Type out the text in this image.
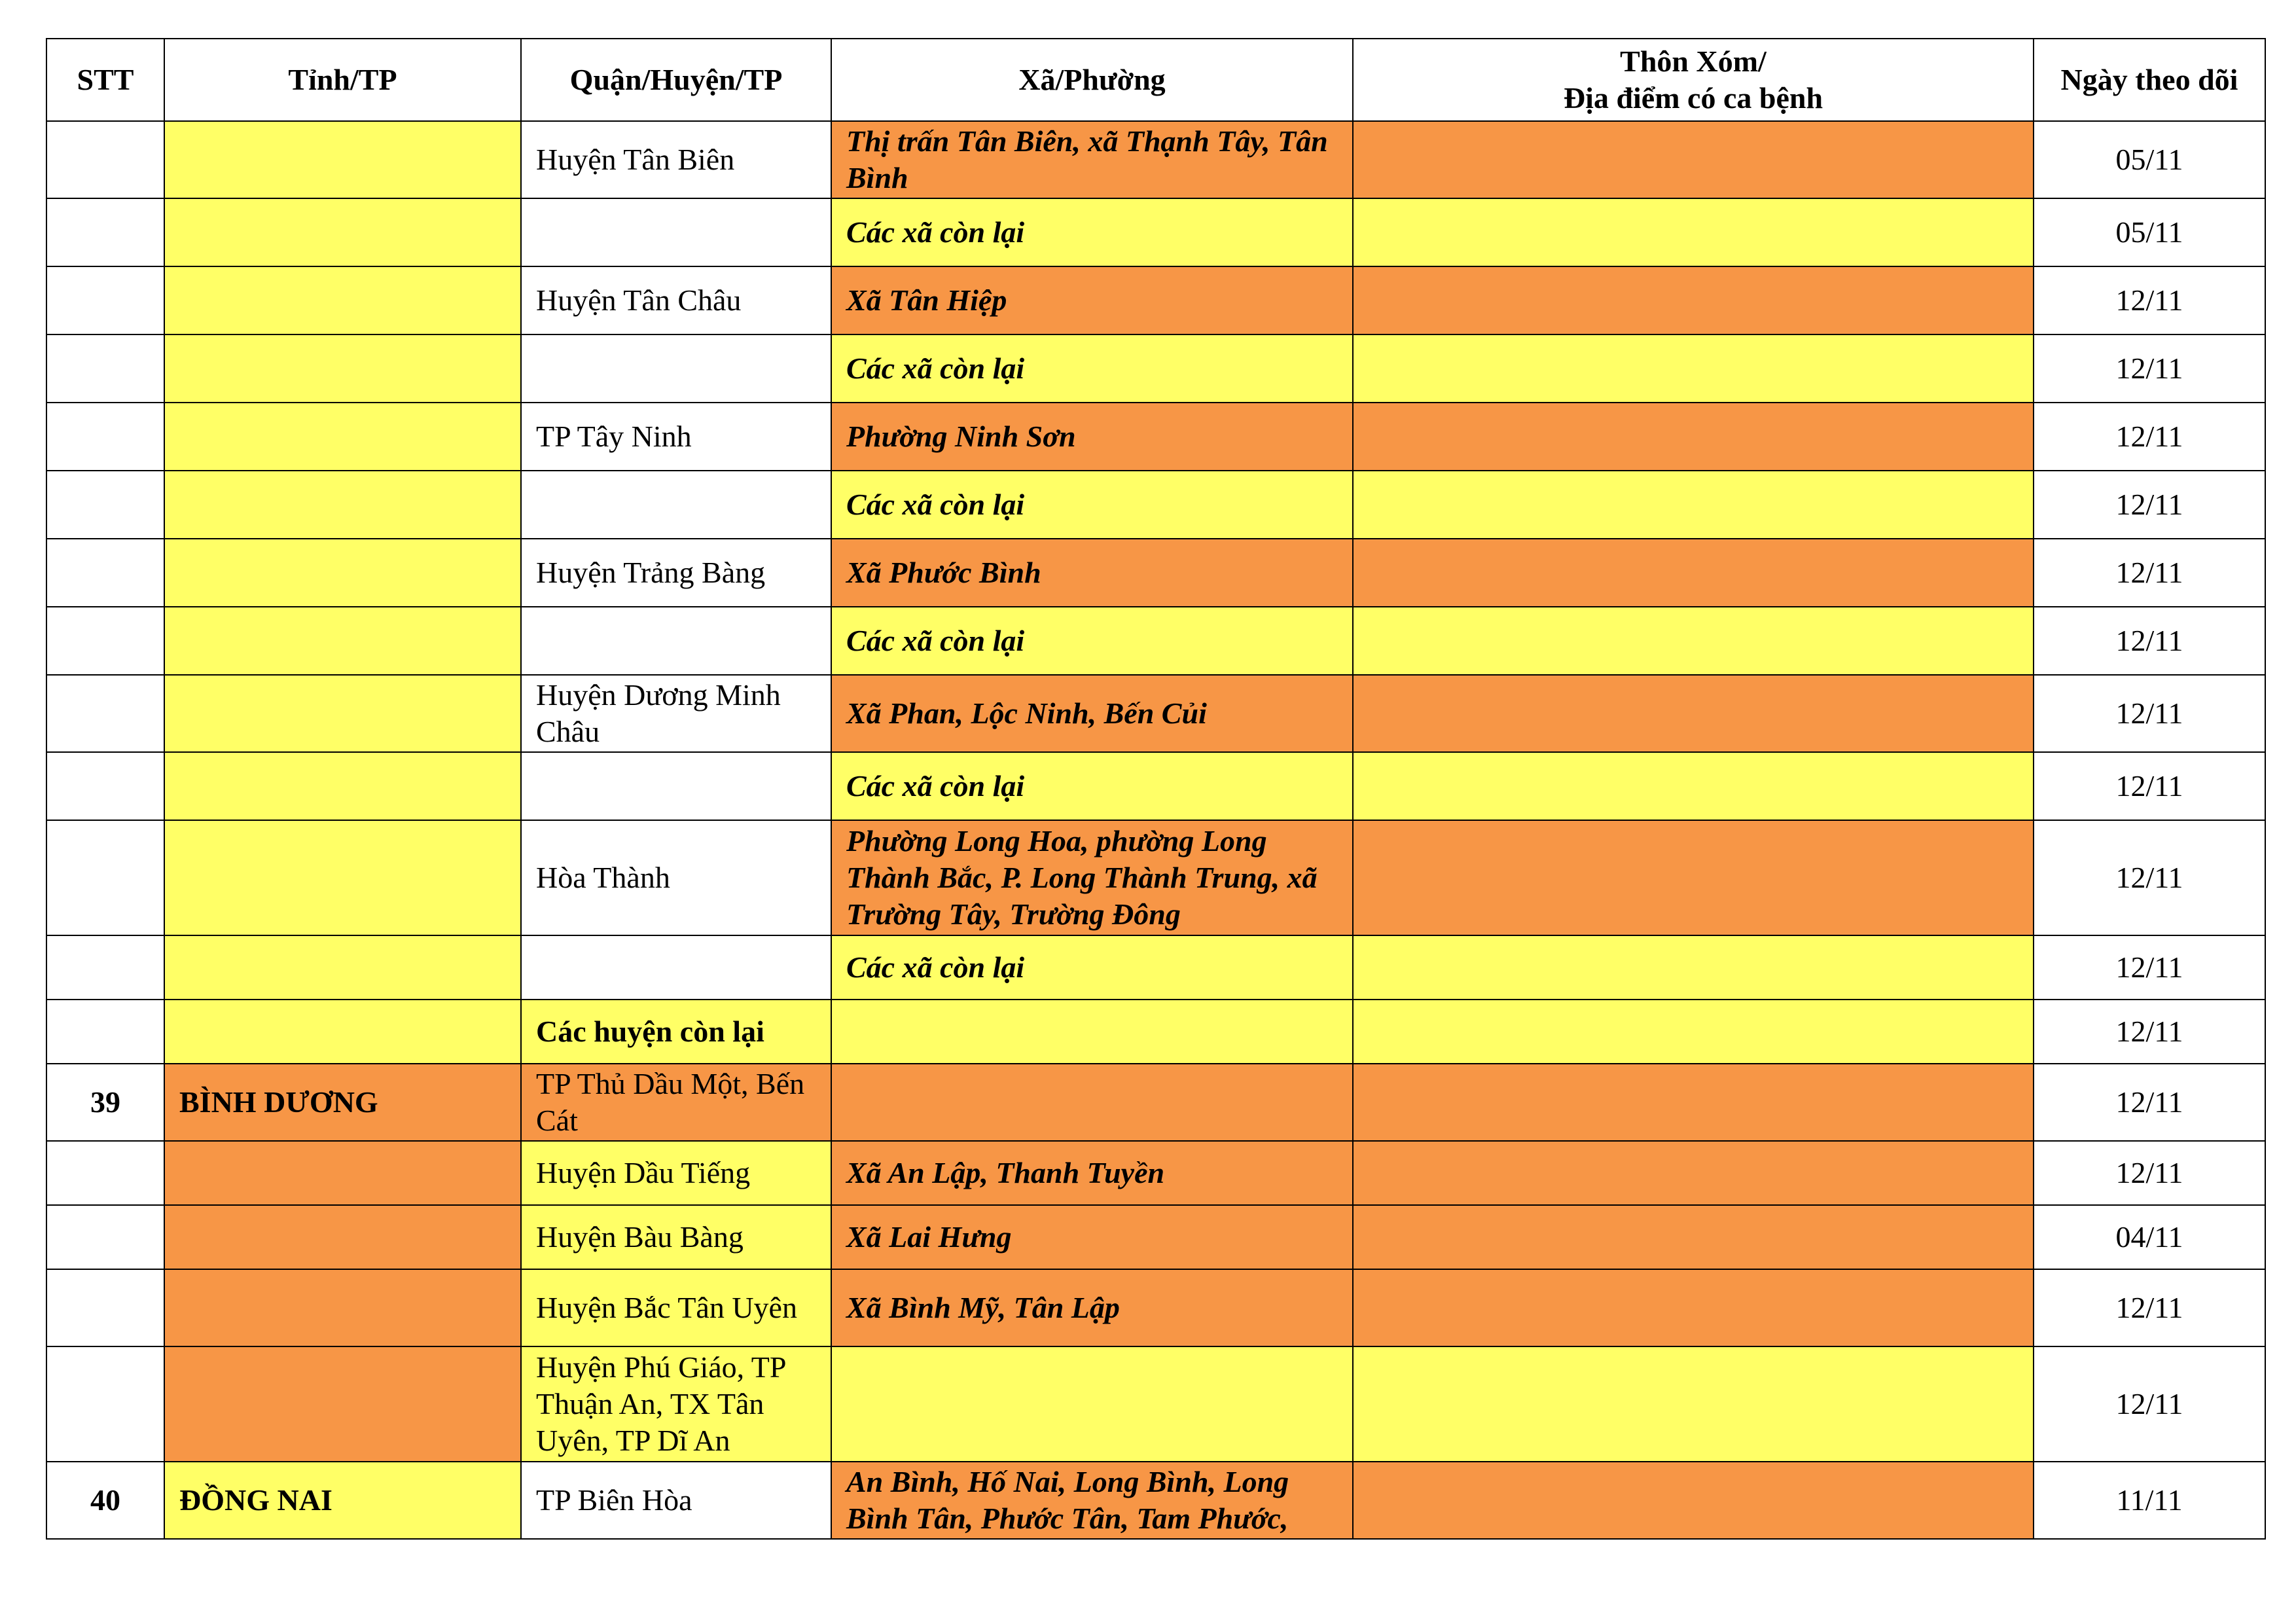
STT	Tỉnh/TP	Quận/Huyện/TP	Xã/Phường	Thôn Xóm/
Địa điểm có ca bệnh	Ngày theo dõi
		Huyện Tân Biên	Thị trấn Tân Biên, xã Thạnh Tây, Tân Bình		05/11
			Các xã còn lại		05/11
		Huyện Tân Châu	Xã Tân Hiệp		12/11
			Các xã còn lại		12/11
		TP Tây Ninh	Phường Ninh Sơn		12/11
			Các xã còn lại		12/11
		Huyện Trảng Bàng	Xã Phước Bình		12/11
			Các xã còn lại		12/11
		Huyện Dương Minh Châu	Xã Phan, Lộc Ninh, Bến Củi		12/11
			Các xã còn lại		12/11
		Hòa Thành	Phường Long Hoa, phường Long Thành Bắc, P. Long Thành Trung, xã Trường Tây, Trường Đông		12/11
			Các xã còn lại		12/11
		Các huyện còn lại			12/11
39	BÌNH DƯƠNG	TP Thủ Dầu Một, Bến Cát			12/11
		Huyện Dầu Tiếng	Xã An Lập, Thanh Tuyền		12/11
		Huyện Bàu Bàng	Xã Lai Hưng		04/11
		Huyện Bắc Tân Uyên	Xã Bình Mỹ, Tân Lập		12/11
		Huyện Phú Giáo, TP Thuận An, TX Tân Uyên, TP Dĩ An			12/11
40	ĐỒNG NAI	TP Biên Hòa	An Bình, Hố Nai, Long Bình, Long Bình Tân, Phước Tân, Tam Phước,		11/11
